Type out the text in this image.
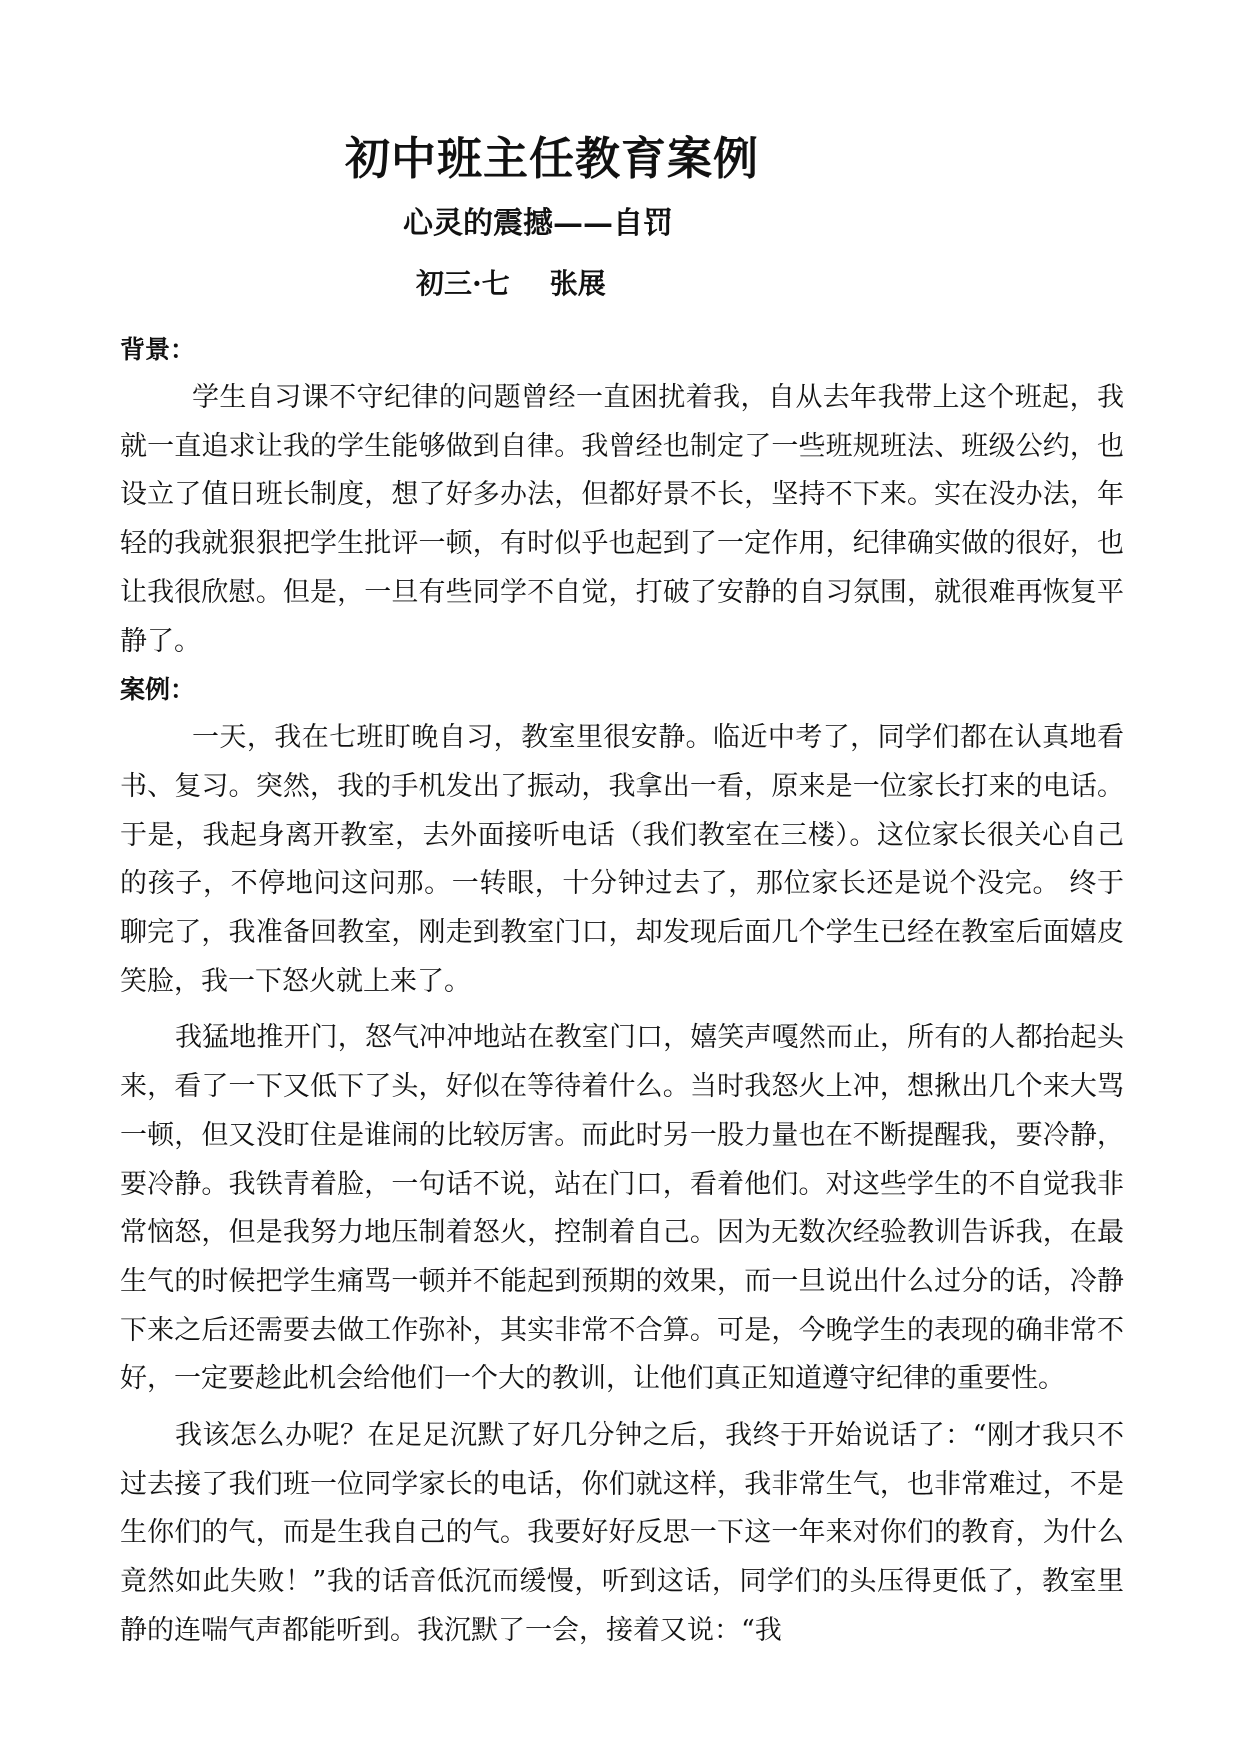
初中班主任教育案例
心灵的震撼——自罚
初三·七 张展

背景：

学生自习课不守纪律的问题曾经一直困扰着我，自从去年我带上这个班起，我就一直追求让我的学生能够做到自律。我曾经也制定了一些班规班法、班级公约，也设立了值日班长制度，想了好多办法，但都好景不长，坚持不下来。实在没办法，年轻的我就狠狠把学生批评一顿，有时似乎也起到了一定作用，纪律确实做的很好，也让我很欣慰。但是，一旦有些同学不自觉，打破了安静的自习氛围，就很难再恢复平静了。

案例：

一天，我在七班盯晚自习，教室里很安静。临近中考了，同学们都在认真地看书、复习。突然，我的手机发出了振动，我拿出一看，原来是一位家长打来的电话。于是，我起身离开教室，去外面接听电话（我们教室在三楼）。这位家长很关心自己的孩子，不停地问这问那。一转眼，十分钟过去了，那位家长还是说个没完。 终于聊完了，我准备回教室，刚走到教室门口，却发现后面几个学生已经在教室后面嬉皮笑脸，我一下怒火就上来了。

我猛地推开门，怒气冲冲地站在教室门口，嬉笑声嘎然而止，所有的人都抬起头来，看了一下又低下了头，好似在等待着什么。当时我怒火上冲，想揪出几个来大骂一顿，但又没盯住是谁闹的比较厉害。而此时另一股力量也在不断提醒我，要冷静，要冷静。我铁青着脸，一句话不说，站在门口，看着他们。对这些学生的不自觉我非常恼怒，但是我努力地压制着怒火，控制着自己。因为无数次经验教训告诉我，在最生气的时候把学生痛骂一顿并不能起到预期的效果，而一旦说出什么过分的话，冷静下来之后还需要去做工作弥补，其实非常不合算。可是，今晚学生的表现的确非常不好，一定要趁此机会给他们一个大的教训，让他们真正知道遵守纪律的重要性。

我该怎么办呢？在足足沉默了好几分钟之后，我终于开始说话了：“刚才我只不过去接了我们班一位同学家长的电话，你们就这样，我非常生气，也非常难过，不是生你们的气，而是生我自己的气。我要好好反思一下这一年来对你们的教育，为什么竟然如此失败！”我的话音低沉而缓慢，听到这话，同学们的头压得更低了，教室里静的连喘气声都能听到。我沉默了一会，接着又说：“我
